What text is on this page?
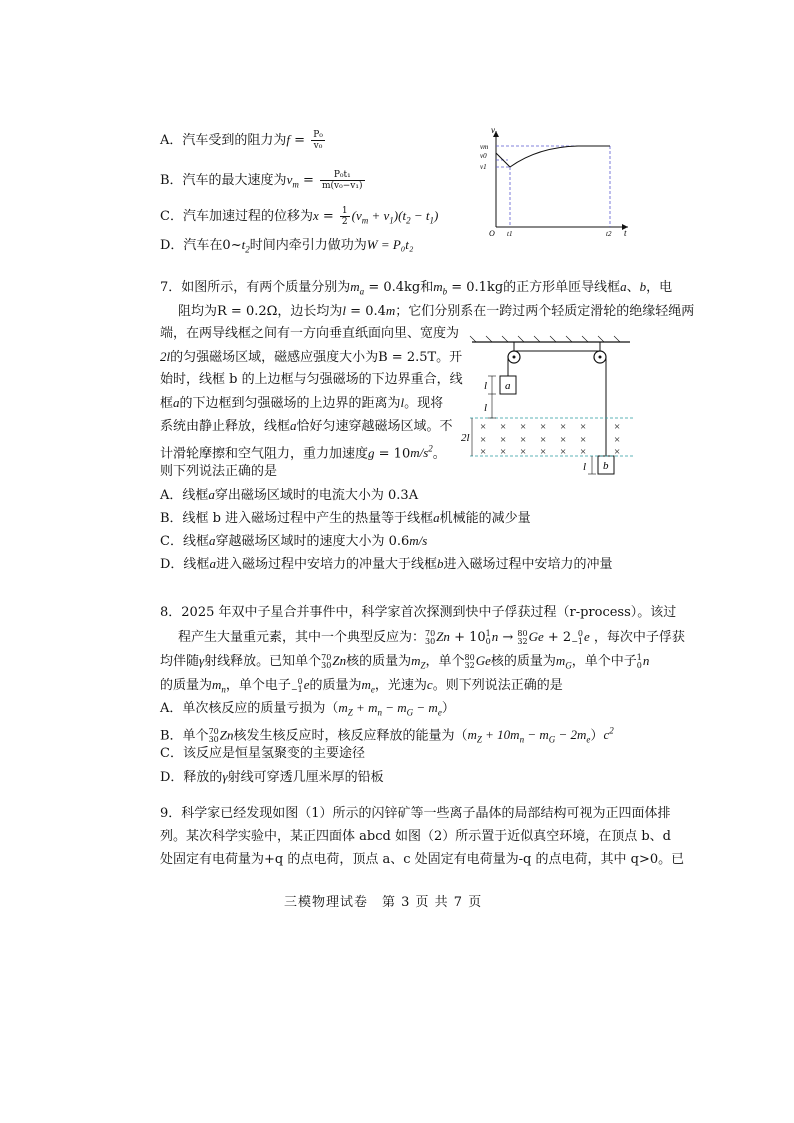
A．汽车受到的阻力为$f = \frac{\text{P₀}}{\text{v₀}}$
B．汽车的最大速度为$v_m = \frac{\text{P₀t₁}}{\text{m(v₀−v₁)}}$
C．汽车加速过程的位移为$x = \frac{1}{2} (v_m + v_1)(t_2 - t_1)$
D．汽车在$0\sim t_2$时间内牵引力做功为W = P₀t₂
v
vm
v0
v1
O t1	t2 t
7．如图所示，有两个质量分别为$m_a = 0.4kg$和$m_b = 0.1kg$的正方形单匝导线框a、b，电
阻均为R = 0.2Ω，边长均为l = 0.4m；它们分别系在一跨过两个轻质定滑轮的绝缘轻绳两
端，在两导线框之间有一方向垂直纸面向里、宽度为
2l的匀强磁场区域，磁感应强度大小为B = 2.5T。开
始时，线框 b 的上边框与匀强磁场的下边界重合，线
框a的下边框到匀强磁场的上边界的距离为l。现将
系统由静止释放，线框a恰好匀速穿越磁场区域。不
计滑轮摩擦和空气阻力，重力加速度$g = 10m/s^2$。
则下列说法正确的是
A．线框a穿出磁场区域时的电流大小为 0.3A
B．线框 b 进入磁场过程中产生的热量等于线框a机械能的减少量
C．线框a穿越磁场区域时的速度大小为 0.6m/s
D．线框a进入磁场过程中安培力的冲量大于线框b进入磁场过程中安培力的冲量
a
b
l
l
2l
l
× × × × × ×	×
× × × × × ×	×
× × × × × ×	×
8．2025 年双中子星合并事件中，科学家首次探测到快中子俘获过程（r-process）。该过
程产生大量重元素，其中一个典型反应为： 70
30 Zn + 10 1
0 n → 80
32 Ge + 2 0
−1 e ，每次中子俘获
均伴随γ射线释放。已知单个 70
30 Zn核的质量为$m_Z$，单个 80
32 Ge核的质量为$m_G$，单个中子 1
0 n
的质量为$m_n$，单个电子 0
−1 e的质量为$m_e$，光速为c。则下列说法正确的是
A．单次核反应的质量亏损为$(m_Z + m_n - m_G - m_e)$
B．单个 70
30 Zn核发生核反应时，核反应释放的能量为$(m_Z + 10m_n - m_G - 2m_e)c^2$
C．该反应是恒星氢聚变的主要途径
D．释放的γ射线可穿透几厘米厚的铅板
9．科学家已经发现如图（1）所示的闪锌矿等一些离子晶体的局部结构可视为正四面体排
列。某次科学实验中，某正四面体 abcd 如图（2）所示置于近似真空环境，在顶点 b、d
处固定有电荷量为+q 的点电荷，顶点 a、c 处固定有电荷量为-q 的点电荷，其中 q>0。已
三模物理试卷　第 3 页 共 7 页
